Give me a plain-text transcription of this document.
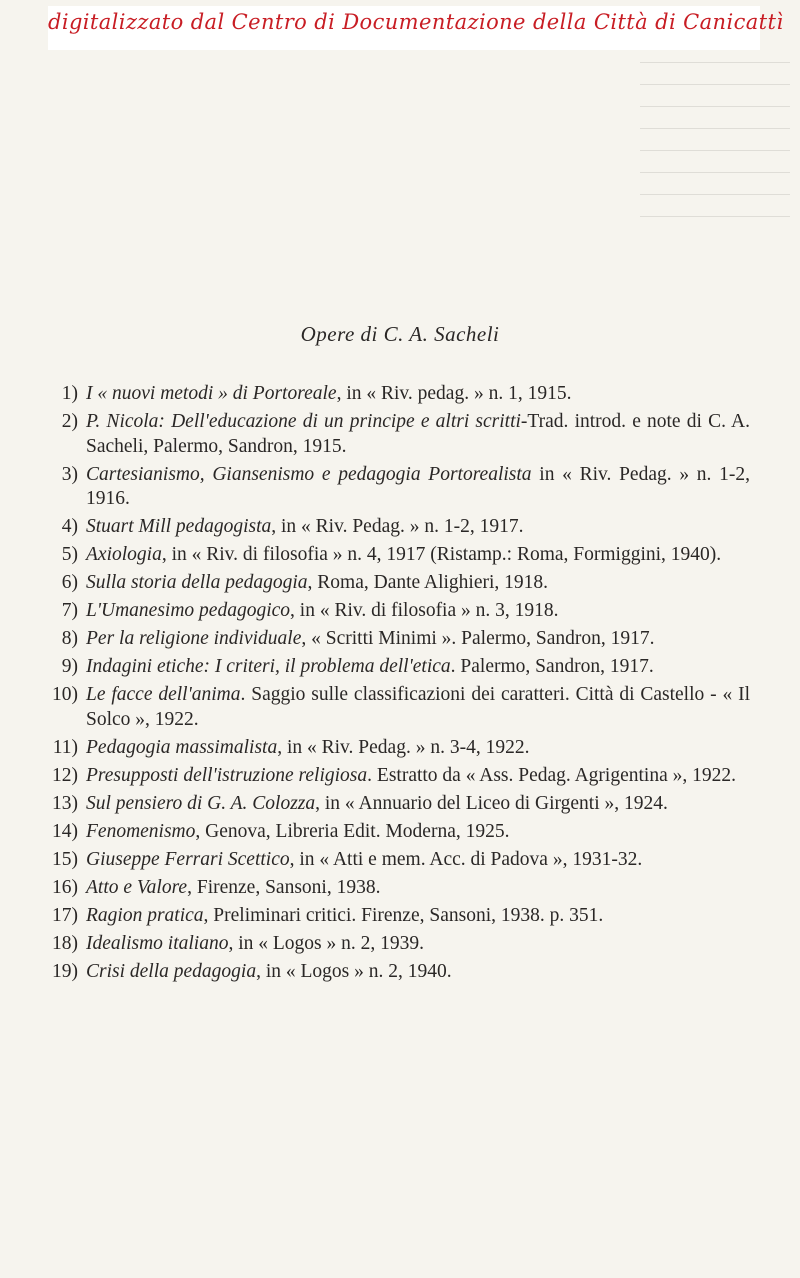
digitalizzato dal Centro di Documentazione della Città di Canicattì
Opere di C. A. Sacheli
1) I « nuovi metodi » di Portoreale, in « Riv. pedag. » n. 1, 1915.
2) P. Nicola: Dell'educazione di un principe e altri scritti-Trad. introd. e note di C. A. Sacheli, Palermo, Sandron, 1915.
3) Cartesianismo, Giansenismo e pedagogia Portorealista in « Riv. Pedag. » n. 1-2, 1916.
4) Stuart Mill pedagogista, in « Riv. Pedag. » n. 1-2, 1917.
5) Axiologia, in « Riv. di filosofia » n. 4, 1917 (Ristamp.: Roma, Formiggini, 1940).
6) Sulla storia della pedagogia, Roma, Dante Alighieri, 1918.
7) L'Umanesimo pedagogico, in « Riv. di filosofia » n. 3, 1918.
8) Per la religione individuale, « Scritti Minimi ». Palermo, Sandron, 1917.
9) Indagini etiche: I criteri, il problema dell'etica. Palermo, Sandron, 1917.
10) Le facce dell'anima. Saggio sulle classificazioni dei caratteri. Città di Castello - « Il Solco », 1922.
11) Pedagogia massimalista, in « Riv. Pedag. » n. 3-4, 1922.
12) Presupposti dell'istruzione religiosa. Estratto da « Ass. Pedag. Agrigentina », 1922.
13) Sul pensiero di G. A. Colozza, in « Annuario del Liceo di Girgenti », 1924.
14) Fenomenismo, Genova, Libreria Edit. Moderna, 1925.
15) Giuseppe Ferrari Scettico, in « Atti e mem. Acc. di Padova », 1931-32.
16) Atto e Valore, Firenze, Sansoni, 1938.
17) Ragion pratica, Preliminari critici. Firenze, Sansoni, 1938. p. 351.
18) Idealismo italiano, in « Logos » n. 2, 1939.
19) Crisi della pedagogia, in « Logos » n. 2, 1940.
